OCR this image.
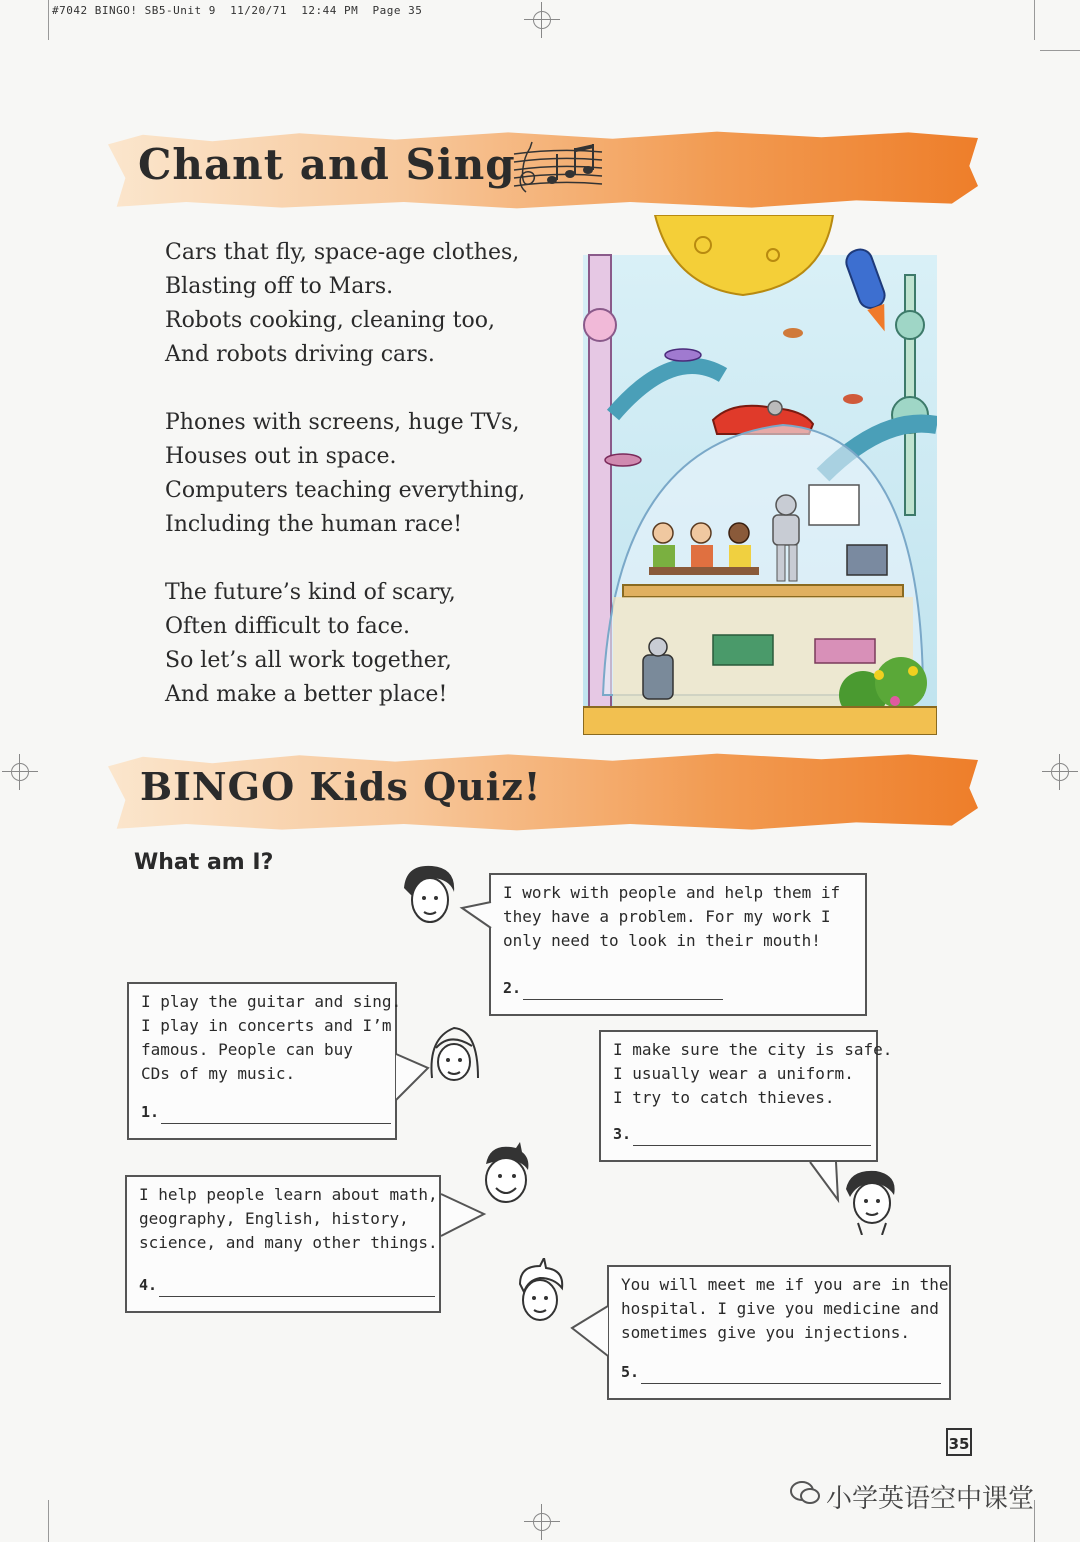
#7042 BINGO! SB5-Unit 9  11/20/71  12:44 PM  Page 35
Chant and Sing
Cars that fly, space-age clothes,
Blasting off to Mars.
Robots cooking, cleaning too,
And robots driving cars.
Phones with screens, huge TVs,
Houses out in space.
Computers teaching everything,
Including the human race!
The future’s kind of scary,
Often difficult to face.
So let’s all work together,
And make a better place!
BINGO Kids Quiz!
What am I?
I work with people and help them if
they have a problem. For my work I
only need to look in their mouth!
2.
I play the guitar and sing.
I play in concerts and I’m
famous. People can buy
CDs of my music.
1.
I make sure the city is safe.
I usually wear a uniform.
I try to catch thieves.
3.
I help people learn about math,
geography, English, history,
science, and many other things.
4.	You will meet me if you are in the
hospital. I give you medicine and
sometimes give you injections.
5.
35
小学英语空中课堂
